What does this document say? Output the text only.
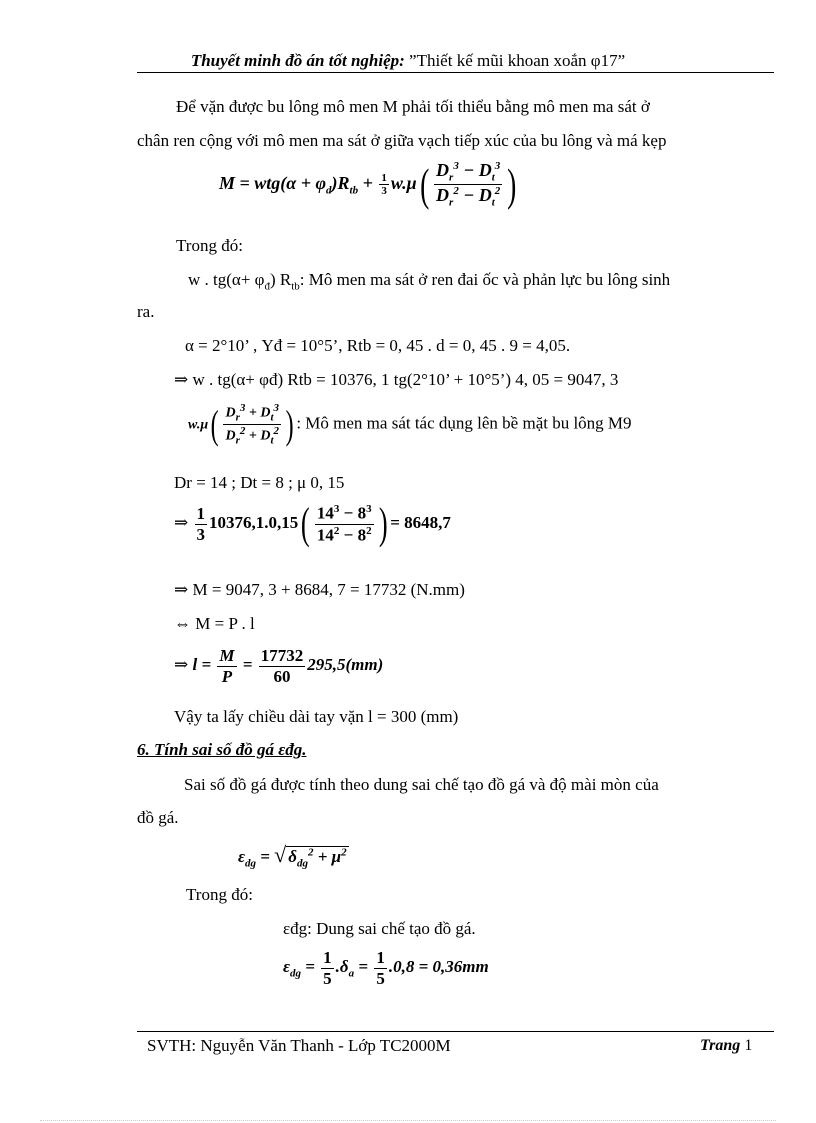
Thuyết minh đồ án tốt nghiệp: ”Thiết kế mũi khoan xoắn φ17”
Để vặn được bu lông mô men M phải tối thiểu bằng mô men ma sát ở
chân ren cộng với mô men ma sát ở giữa vạch tiếp xúc của bu lông và má kẹp
$M = wtg(\alpha + \varphi_d)R_{tb} + \frac{1}{3} w.\mu( \frac{D_r^3 - D_t^3}{D_r^2 - D_t^2}$ )
Trong đó:
w . $tg(\alpha+ \varphi_đ)$ $R_{tb}$: Mô men ma sát ở ren đai ốc và phản lực bu lông sinh
ra.
α = 2°10’ , Yđ = 10°5’, Rtb = 0, 45 . d = 0, 45 . 9 = 4,05.
⇒ w . tg(α+ φđ) Rtb = 10376, 1 tg(2°10’ + 10°5’) 4, 05 = 9047, 3
$w.\mu( \frac{D_r^3 + D_t^3}{D_r^2 + D_t^2}$ ) : Mô men ma sát tác dụng lên bề mặt bu lông M9
Dr = 14 ; Dt = 8 ; μ 0, 15
⇒ $\frac{1}{3} 10376,1.0,15( \frac{14^3 - 8^3}{14^2 - 8^2}$ ) = 8648,7
⇒ M = 9047, 3 + 8684, 7 = 17732 (N.mm)
⇔ M = P . l
⇒ $l = \frac{M}{P} = \frac{17732}{60} 295,5(mm)$
Vậy ta lấy chiều dài tay vặn l = 300 (mm)
6. Tính sai số đồ gá εđg.
Sai số đồ gá được tính theo dung sai chế tạo đồ gá và độ mài mòn của
đồ gá.
$\varepsilon_{dg}$ = √ $\delta_{dg}^2 + \mu^2$
Trong đó:
εđg: Dung sai chế tạo đồ gá.
$\varepsilon_{dg} = \frac{1}{5} .\delta_a = \frac{1}{5} .0,8 = 0,36mm$
SVTH: Nguyễn Văn Thanh - Lớp TC2000M	Trang 1
